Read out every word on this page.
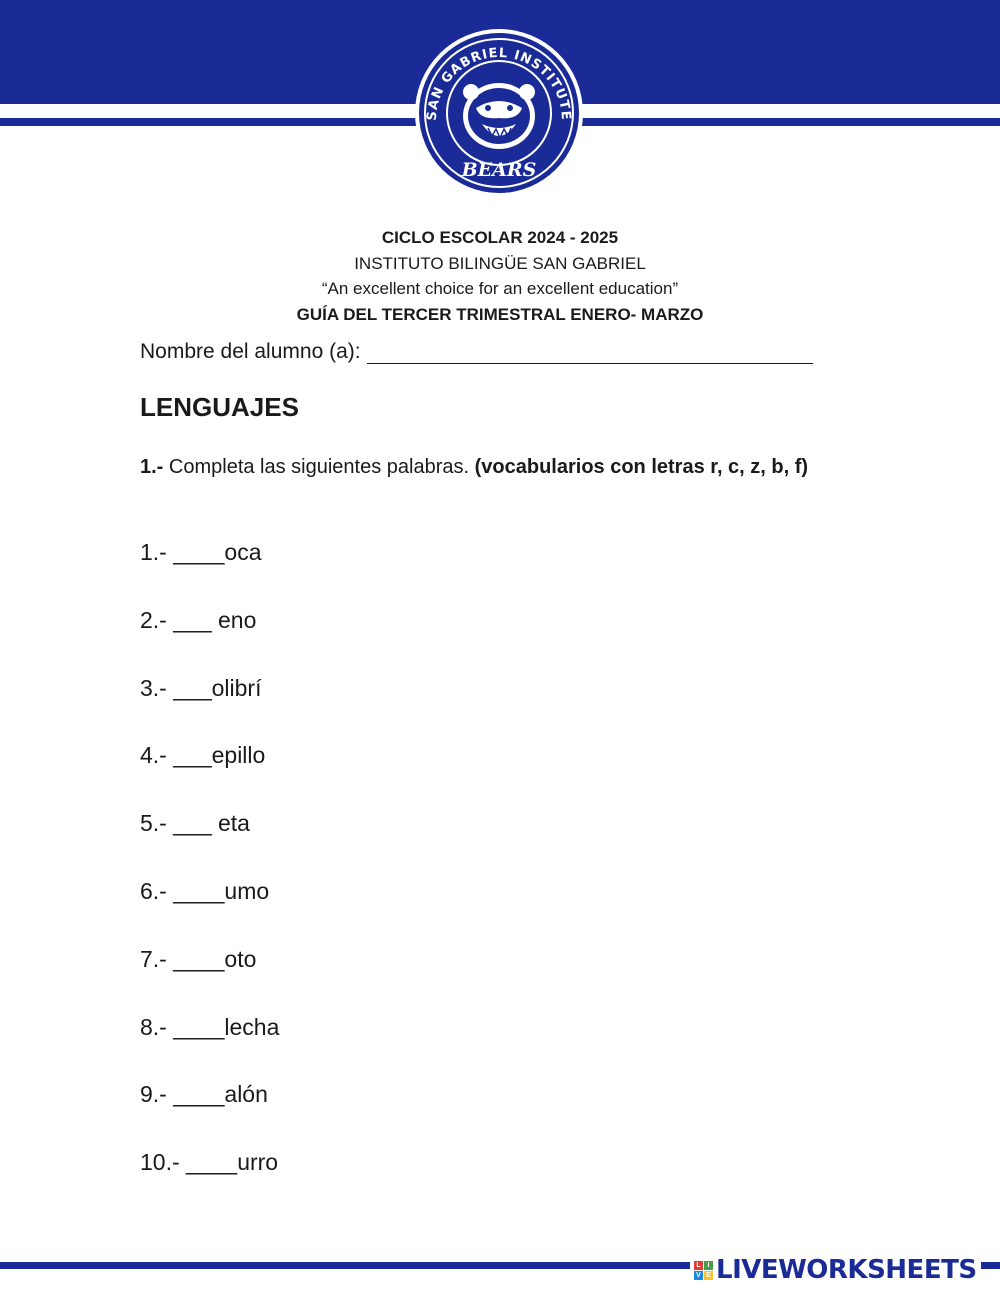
SAN GABRIEL INSTITUTE
BEARS
CICLO ESCOLAR 2024 - 2025
INSTITUTO BILINGÜE SAN GABRIEL
“An excellent choice for an excellent education”
GUÍA DEL TERCER TRIMESTRAL ENERO- MARZO
Nombre del alumno (a):
LENGUAJES
1.- Completa las siguientes palabras. (vocabularios con letras r, c, z, b, f)
1.- ____oca
2.- ___ eno
3.- ___olibrí
4.- ___epillo
5.- ___ eta
6.- ____umo
7.- ____oto
8.- ____lecha
9.- ____alón
10.- ____urro
L I
V E LIVEWORKSHEETS
